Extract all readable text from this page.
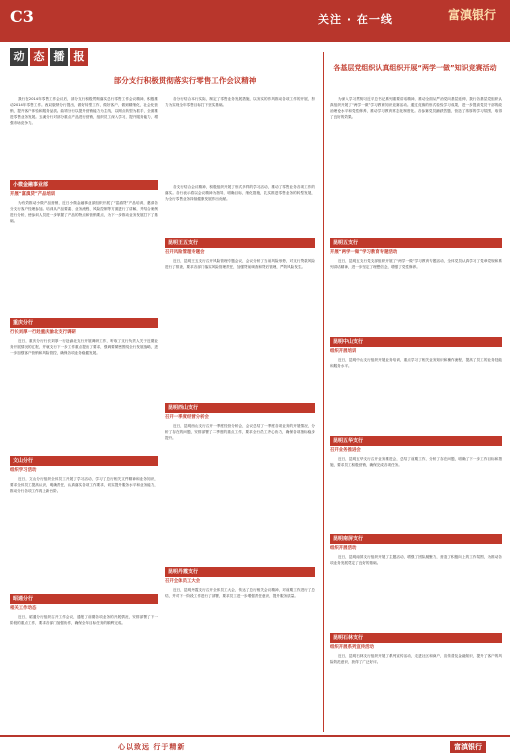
C3	关注 · 在一线	富滇银行
动 态 播 报
部分支行积极贯彻落实行零售工作会议精神
我行在2014年零售工作会议后，部分支行积极贯彻落实总行零售工作会议精神，积极推动2014年零售工作。西双版纳分行提出，做好转型工作，做好客户，做到精细化，社会化营销，提升客户体验和服务品质。曲靖分行以提升营销能力为主线，以网点转型为抓手，全面推进零售业务发展。玉溪分行对部分重点产品进行营销，组织员工深入学习，提升服务能力，增强市场竞争力。
各分行结合本行实际，制定了零售业务发展措施，以务实的作风推动各项工作的开展，努力为实现全年零售目标打下坚实基础。
各支行结合会议精神，积极组织开展了形式多样的学习活动，推动了零售业务各项工作的落实。各行表示将以会议精神为指导，明确目标，细化措施，扎实推进零售业务的转型发展，为全行零售业务持续健康发展作出贡献。
各基层党组织认真组织开展“两学一做”知识竞赛活动
为深入学习贯彻习近平总书记系列重要讲话精神，推动全面从严治党向基层延伸，我行各基层党组织认真组织开展了“两学一做”学习教育知识竞赛活动。通过竞赛的形式检验学习成果，进一步提高党员干部的政治理论水平和党性修养，推动学习教育常态化制度化。各参赛党员踊跃答题，营造了浓厚的学习氛围，取得了良好的效果。
小微金融事业部
开展“富滇贷”产品培训
为有效推动小微产品营销，近日小微金融事业部组织开展了“富滇贷”产品培训，邀请各分支行客户经理参加。培训从产品要素、业务流程、风险控制等方面进行了讲解，并结合案例进行分析，使参训人员进一步掌握了产品的特点和营销要点，为下一步推动业务发展打下了基础。
重庆分行
行长刘厚一行赴重庆渝北支行调研
近日，重庆分行行长刘厚一行赴渝北支行开展调研工作，听取了支行负责人关于近期业务开展情况的汇报，并就支行下一步工作重点提出了要求，强调要紧密围绕全行发展战略，进一步加强客户营销和风险管控，确保各项业务稳健发展。
文山分行
组织学习活动
近日，文山分行组织全体员工开展了学习活动，学习了总行相关文件精神和业务知识，要求全体员工提高认识，明确责任，认真落实各项工作要求，切实提升服务水平和业务能力，推动分行各项工作再上新台阶。
昭通分行
相关工作动态
近日，昭通分行组织召开工作会议，通报了前期各项业务的开展情况，安排部署了下一阶段的重点工作，要求各部门加强协作，确保全年目标任务的顺利完成。
昆明王五支行
召开风险管理专题会
近日，昆明王五支行召开风险管理专题会议，会议分析了当前风险形势，对支行贷款风险进行了排查，要求各部门落实风险管理责任，加强贷前调查和贷后管理，严防风险发生。
昆明西山支行
召开一季度经营分析会
近日，昆明西山支行召开一季度经营分析会，会议总结了一季度各项业务的开展情况，分析了存在的问题，安排部署了二季度的重点工作，要求全行员工齐心协力，确保各项指标稳步提升。
昆明丹霞支行
召开全体员工大会
近日，昆明丹霞支行召开全体员工大会，传达了总行相关会议精神，对前期工作进行了总结，并对下一阶段工作进行了部署，要求员工进一步增强责任意识，提升服务质量。
昆明五支行
开展“两学一做”学习教育专题活动
近日，昆明五支行党支部组织开展了“两学一做”学习教育专题活动，全体党员认真学习了党章党规和系列讲话精神，进一步坚定了理想信念，增强了党性修养。
昆明中山支行
组织开展培训
近日，昆明中山支行组织开展业务培训，重点学习了相关业务知识和操作流程，提高了员工的业务技能和服务水平。
昆明五华支行
召开业务推进会
近日，昆明五华支行召开业务推进会，总结了前期工作，分析了存在问题，明确了下一步工作目标和措施，要求员工积极营销，确保完成各项任务。
昆明南屏支行
组织开展活动
近日，昆明南屏支行组织开展了主题活动，增强了团队凝聚力，营造了积极向上的工作氛围，为推动各项业务发展奠定了良好的基础。
昆明石林支行
组织开展系列宣传活动
近日，昆明石林支行组织开展了系列宣传活动，走进社区和商户，宣传普及金融知识，提升了客户的风险防范意识，获得了广泛好评。
心以致远 行于精新	富滇银行
